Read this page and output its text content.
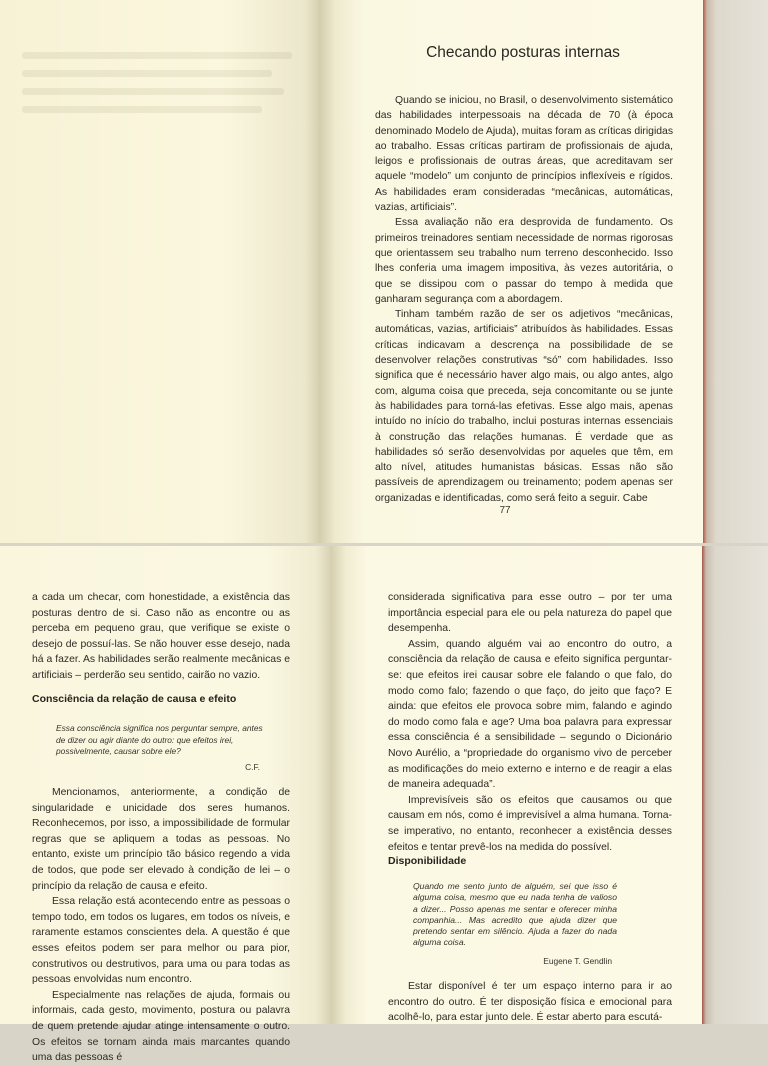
Checando posturas internas

Quando se iniciou, no Brasil, o desenvolvimento sistemático das habilidades interpessoais na década de 70 (à época denominado Modelo de Ajuda), muitas foram as críticas dirigidas ao trabalho. Essas críticas partiram de profissionais de ajuda, leigos e profissionais de outras áreas, que acreditavam ser aquele “modelo” um conjunto de princípios inflexíveis e rígidos. As habilidades eram consideradas “mecânicas, automáticas, vazias, artificiais”.

Essa avaliação não era desprovida de fundamento. Os primeiros treinadores sentiam necessidade de normas rigorosas que orientassem seu trabalho num terreno desconhecido. Isso lhes conferia uma imagem impositiva, às vezes autoritária, o que se dissipou com o passar do tempo à medida que ganharam segurança com a abordagem.

Tinham também razão de ser os adjetivos “mecânicas, automáticas, vazias, artificiais” atribuídos às habilidades. Essas críticas indicavam a descrença na possibilidade de se desenvolver relações construtivas “só” com habilidades. Isso significa que é necessário haver algo mais, ou algo antes, algo com, alguma coisa que preceda, seja concomitante ou se junte às habilidades para torná-las efetivas. Esse algo mais, apenas intuído no início do trabalho, inclui posturas internas essenciais à construção das relações humanas. É verdade que as habilidades só serão desenvolvidas por aqueles que têm, em alto nível, atitudes humanistas básicas. Essas não são passíveis de aprendizagem ou treinamento; podem apenas ser organizadas e identificadas, como será feito a seguir. Cabe

77

a cada um checar, com honestidade, a existência das posturas dentro de si. Caso não as encontre ou as perceba em pequeno grau, que verifique se existe o desejo de possuí-las. Se não houver esse desejo, nada há a fazer. As habilidades serão realmente mecânicas e artificiais – perderão seu sentido, cairão no vazio.

Consciência da relação de causa e efeito
Essa consciência significa nos perguntar sempre, antes de dizer ou agir diante do outro: que efeitos irei, possivelmente, causar sobre ele?
C.F.

Mencionamos, anteriormente, a condição de singularidade e unicidade dos seres humanos. Reconhecemos, por isso, a impossibilidade de formular regras que se apliquem a todas as pessoas. No entanto, existe um princípio tão básico regendo a vida de todos, que pode ser elevado à condição de lei – o princípio da relação de causa e efeito.

Essa relação está acontecendo entre as pessoas o tempo todo, em todos os lugares, em todos os níveis, e raramente estamos conscientes dela. A questão é que esses efeitos podem ser para melhor ou para pior, construtivos ou destrutivos, para uma ou para todas as pessoas envolvidas num encontro.

Especialmente nas relações de ajuda, formais ou informais, cada gesto, movimento, postura ou palavra de quem pretende ajudar atinge intensamente o outro. Os efeitos se tornam ainda mais marcantes quando uma das pessoas é

considerada significativa para esse outro – por ter uma importância especial para ele ou pela natureza do papel que desempenha.

Assim, quando alguém vai ao encontro do outro, a consciência da relação de causa e efeito significa perguntar-se: que efeitos irei causar sobre ele falando o que falo, do modo como falo; fazendo o que faço, do jeito que faço? E ainda: que efeitos ele provoca sobre mim, falando e agindo do modo como fala e age? Uma boa palavra para expressar essa consciência é a sensibilidade – segundo o Dicionário Novo Aurélio, a “propriedade do organismo vivo de perceber as modificações do meio externo e interno e de reagir a elas de maneira adequada”.

Imprevisíveis são os efeitos que causamos ou que causam em nós, como é imprevisível a alma humana. Torna-se imperativo, no entanto, reconhecer a existência desses efeitos e tentar prevê-los na medida do possível.

Disponibilidade
Quando me sento junto de alguém, sei que isso é alguma coisa, mesmo que eu nada tenha de valioso a dizer... Posso apenas me sentar e oferecer minha companhia... Mas acredito que ajuda dizer que pretendo sentar em silêncio. Ajuda a fazer do nada alguma coisa.
Eugene T. Gendlin

Estar disponível é ter um espaço interno para ir ao encontro do outro. É ter disposição física e emocional para acolhê-lo, para estar junto dele. É estar aberto para escutá-
